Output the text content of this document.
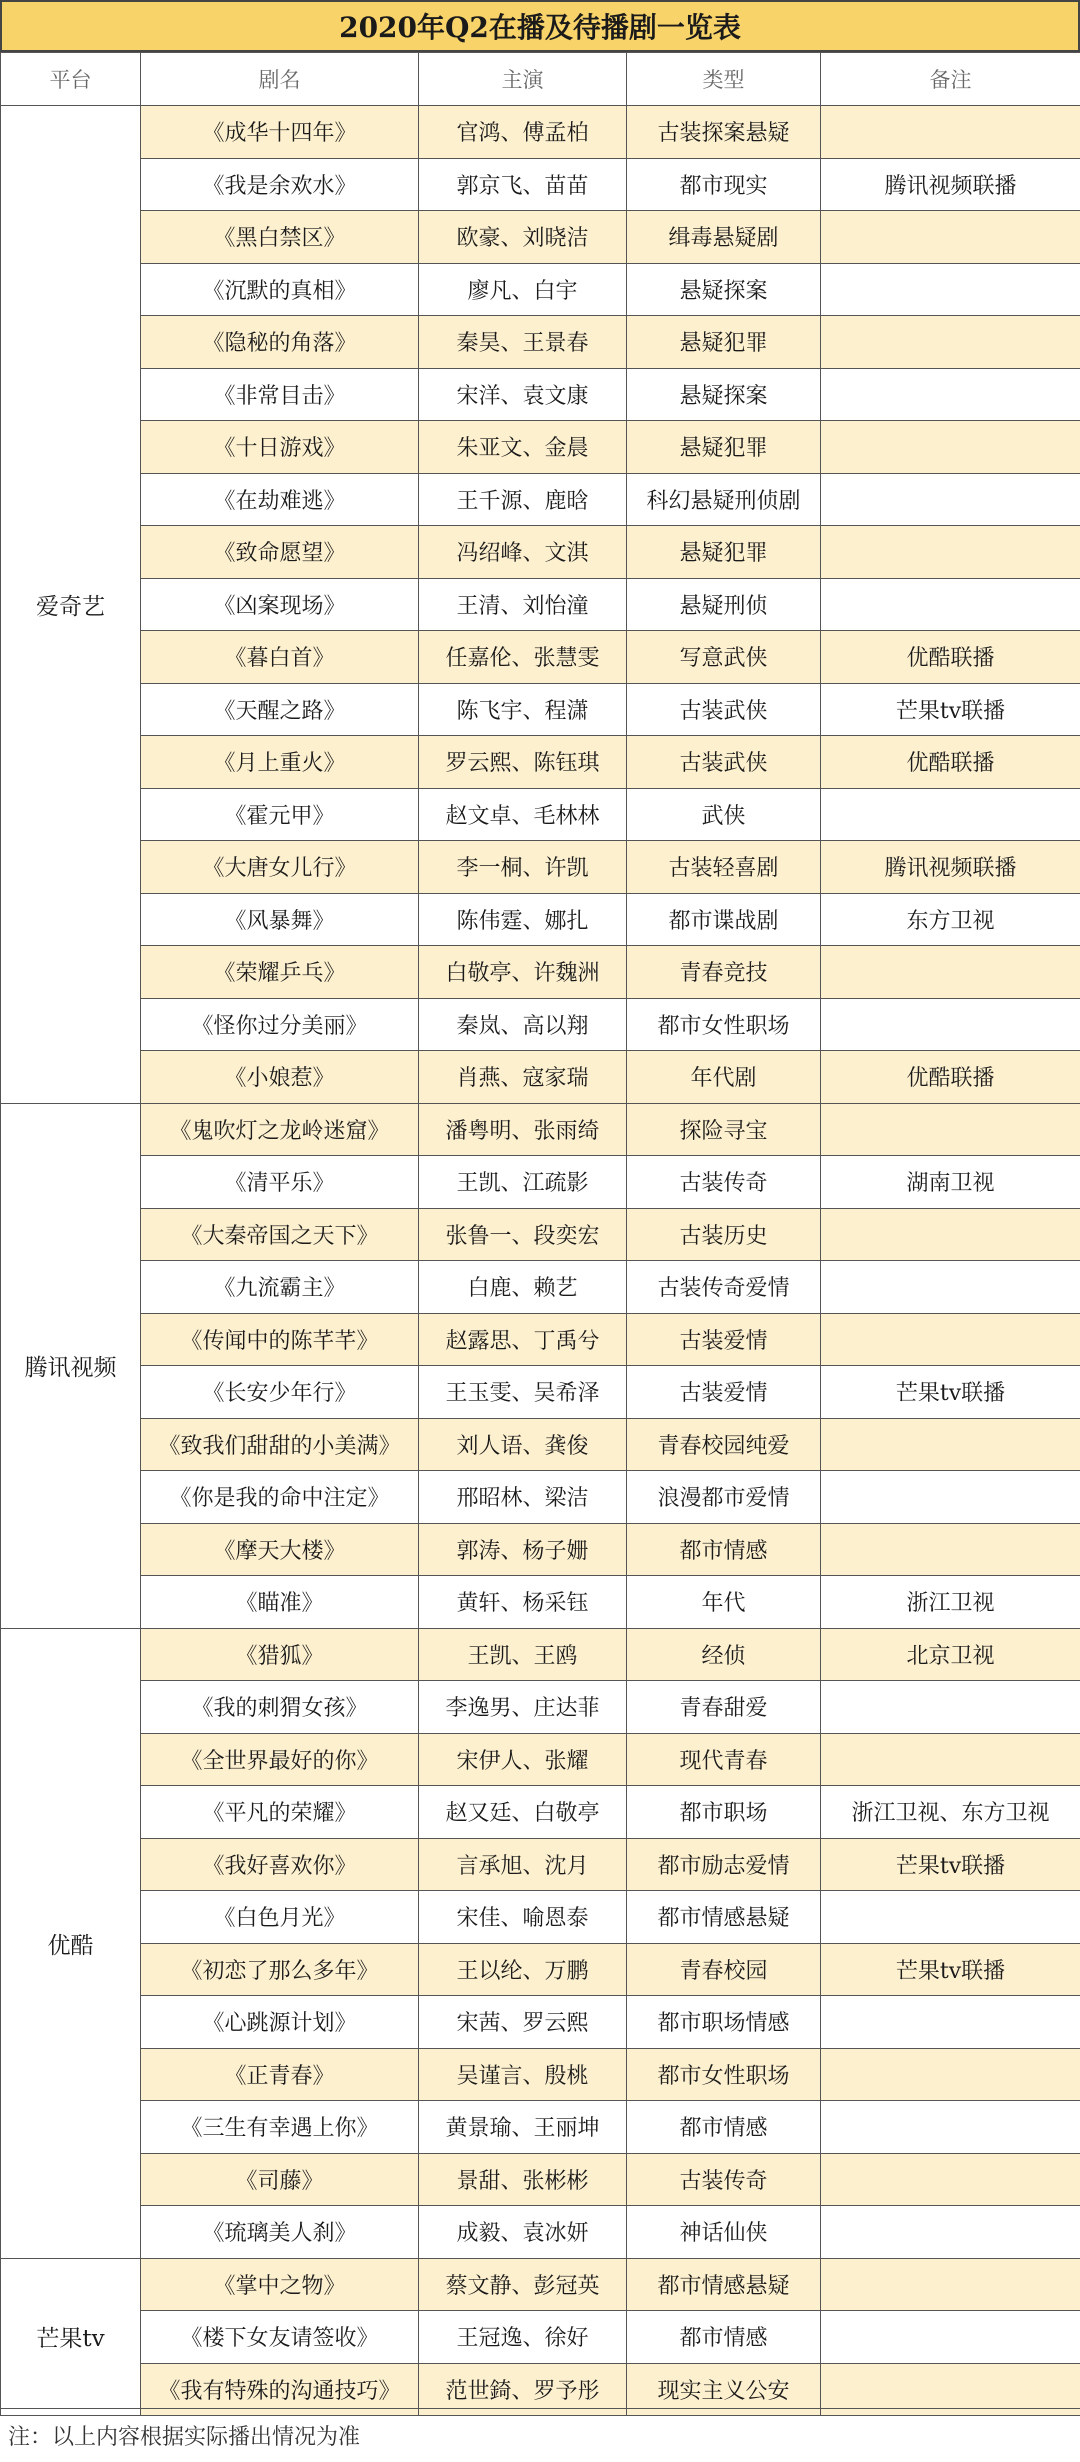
2020年Q2在播及待播剧一览表
平台	剧名	主演	类型	备注
爱奇艺	《成华十四年》	官鸿、傅孟柏	古装探案悬疑	
	《我是余欢水》	郭京飞、苗苗	都市现实	腾讯视频联播
	《黑白禁区》	欧豪、刘晓洁	缉毒悬疑剧	
	《沉默的真相》	廖凡、白宇	悬疑探案	
	《隐秘的角落》	秦昊、王景春	悬疑犯罪	
	《非常目击》	宋洋、袁文康	悬疑探案	
	《十日游戏》	朱亚文、金晨	悬疑犯罪	
	《在劫难逃》	王千源、鹿晗	科幻悬疑刑侦剧	
	《致命愿望》	冯绍峰、文淇	悬疑犯罪	
	《凶案现场》	王清、刘怡潼	悬疑刑侦	
	《暮白首》	任嘉伦、张慧雯	写意武侠	优酷联播
	《天醒之路》	陈飞宇、程潇	古装武侠	芒果tv联播
	《月上重火》	罗云熙、陈钰琪	古装武侠	优酷联播
	《霍元甲》	赵文卓、毛林林	武侠	
	《大唐女儿行》	李一桐、许凯	古装轻喜剧	腾讯视频联播
	《风暴舞》	陈伟霆、娜扎	都市谍战剧	东方卫视
	《荣耀乒乓》	白敬亭、许魏洲	青春竞技	
	《怪你过分美丽》	秦岚、高以翔	都市女性职场	
	《小娘惹》	肖燕、寇家瑞	年代剧	优酷联播
腾讯视频	《鬼吹灯之龙岭迷窟》	潘粤明、张雨绮	探险寻宝	
	《清平乐》	王凯、江疏影	古装传奇	湖南卫视
	《大秦帝国之天下》	张鲁一、段奕宏	古装历史	
	《九流霸主》	白鹿、赖艺	古装传奇爱情	
	《传闻中的陈芊芊》	赵露思、丁禹兮	古装爱情	
	《长安少年行》	王玉雯、吴希泽	古装爱情	芒果tv联播
	《致我们甜甜的小美满》	刘人语、龚俊	青春校园纯爱	
	《你是我的命中注定》	邢昭林、梁洁	浪漫都市爱情	
	《摩天大楼》	郭涛、杨子姗	都市情感	
	《瞄准》	黄轩、杨采钰	年代	浙江卫视
优酷	《猎狐》	王凯、王鸥	经侦	北京卫视
	《我的刺猬女孩》	李逸男、庄达菲	青春甜爱	
	《全世界最好的你》	宋伊人、张耀	现代青春	
	《平凡的荣耀》	赵又廷、白敬亭	都市职场	浙江卫视、东方卫视
	《我好喜欢你》	言承旭、沈月	都市励志爱情	芒果tv联播
	《白色月光》	宋佳、喻恩泰	都市情感悬疑	
	《初恋了那么多年》	王以纶、万鹏	青春校园	芒果tv联播
	《心跳源计划》	宋茜、罗云熙	都市职场情感	
	《正青春》	吴谨言、殷桃	都市女性职场	
	《三生有幸遇上你》	黄景瑜、王丽坤	都市情感	
	《司藤》	景甜、张彬彬	古装传奇	
	《琉璃美人刹》	成毅、袁冰妍	神话仙侠	
芒果tv	《掌中之物》	蔡文静、彭冠英	都市情感悬疑	
	《楼下女友请签收》	王冠逸、徐好	都市情感	
	《我有特殊的沟通技巧》	范世錡、罗予彤	现实主义公安	
注：以上内容根据实际播出情况为准
